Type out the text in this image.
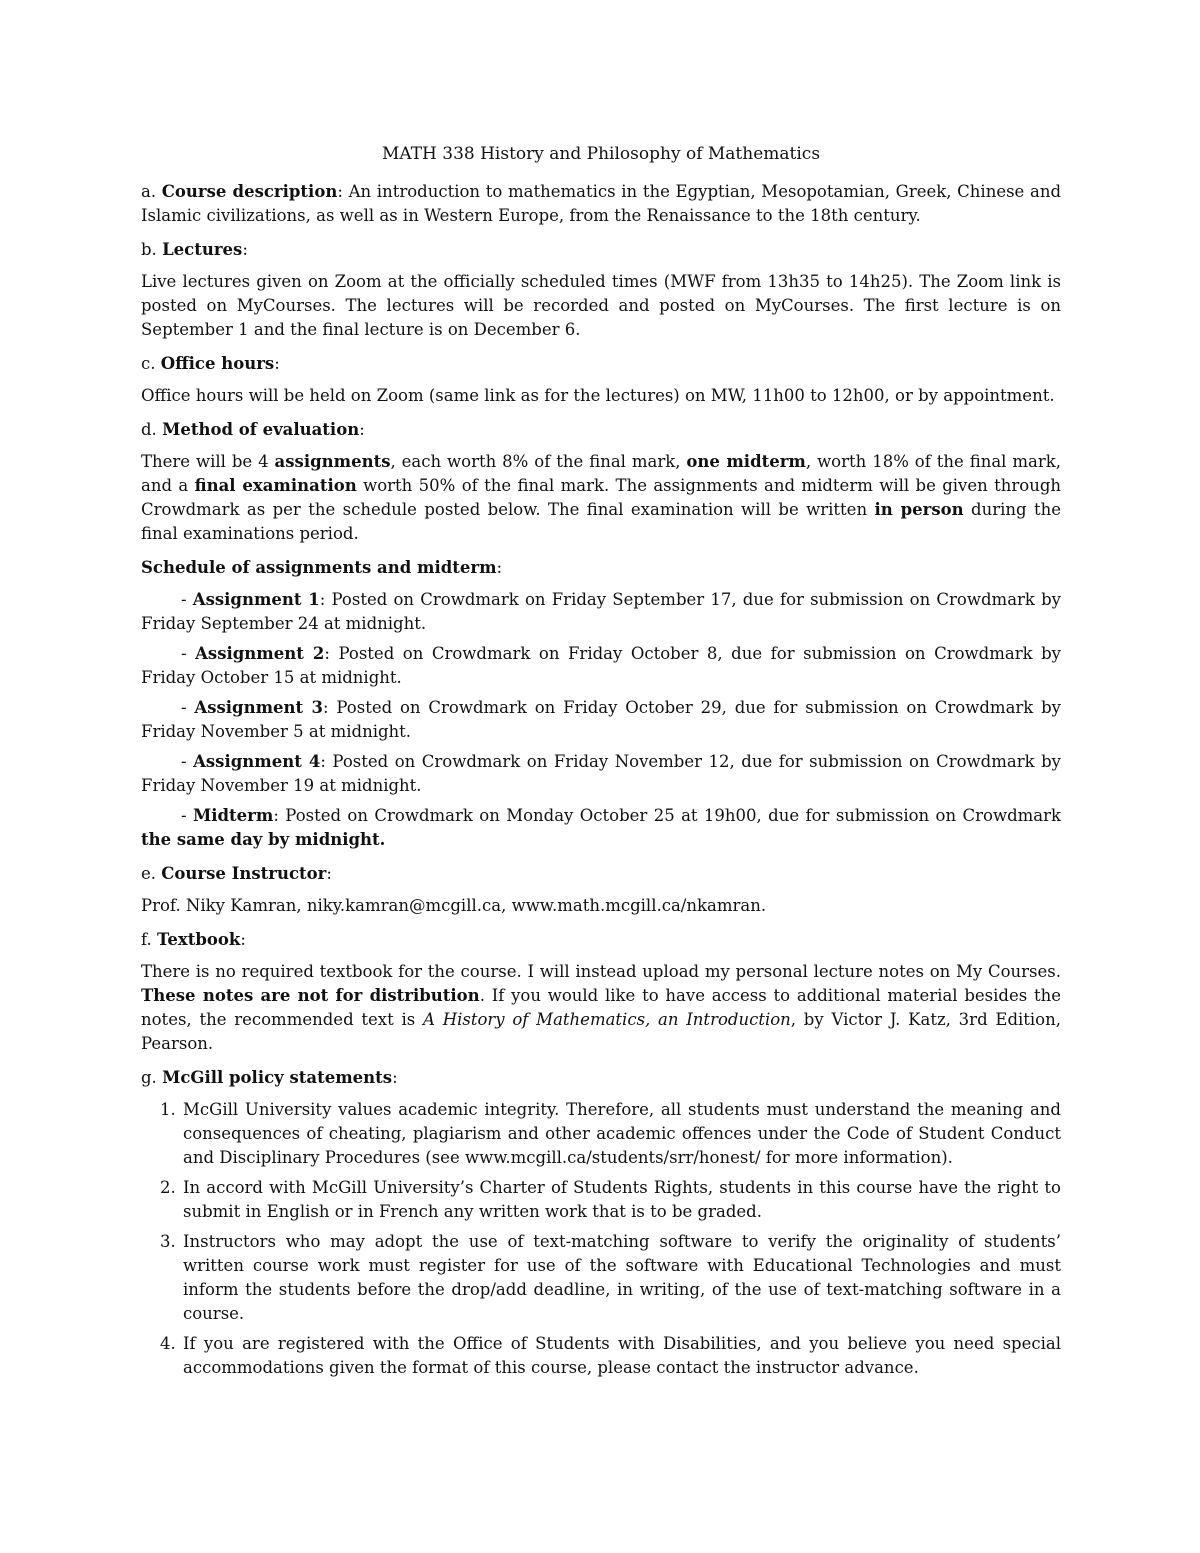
MATH 338 History and Philosophy of Mathematics

a. Course description: An introduction to mathematics in the Egyptian, Mesopotamian, Greek, Chinese and Islamic civilizations, as well as in Western Europe, from the Renaissance to the 18th century.

b. Lectures:

Live lectures given on Zoom at the officially scheduled times (MWF from 13h35 to 14h25). The Zoom link is posted on MyCourses. The lectures will be recorded and posted on MyCourses. The first lecture is on September 1 and the final lecture is on December 6.

c. Office hours:

Office hours will be held on Zoom (same link as for the lectures) on MW, 11h00 to 12h00, or by appointment.

d. Method of evaluation:

There will be 4 assignments, each worth 8% of the final mark, one midterm, worth 18% of the final mark, and a final examination worth 50% of the final mark. The assignments and midterm will be given through Crowdmark as per the schedule posted below. The final examination will be written in person during the final examinations period.

Schedule of assignments and midterm:

- Assignment 1: Posted on Crowdmark on Friday September 17, due for submission on Crowdmark by Friday September 24 at midnight.

- Assignment 2: Posted on Crowdmark on Friday October 8, due for submission on Crowdmark by Friday October 15 at midnight.

- Assignment 3: Posted on Crowdmark on Friday October 29, due for submission on Crowdmark by Friday November 5 at midnight.

- Assignment 4: Posted on Crowdmark on Friday November 12, due for submission on Crowdmark by Friday November 19 at midnight.

- Midterm: Posted on Crowdmark on Monday October 25 at 19h00, due for submission on Crowdmark the same day by midnight.

e. Course Instructor:

Prof. Niky Kamran, niky.kamran@mcgill.ca, www.math.mcgill.ca/nkamran.

f. Textbook:

There is no required textbook for the course. I will instead upload my personal lecture notes on My Courses. These notes are not for distribution. If you would like to have access to additional material besides the notes, the recommended text is A History of Mathematics, an Introduction, by Victor J. Katz, 3rd Edition, Pearson.

g. McGill policy statements:
1. McGill University values academic integrity. Therefore, all students must understand the meaning and consequences of cheating, plagiarism and other academic offences under the Code of Student Conduct and Disciplinary Procedures (see www.mcgill.ca/students/srr/honest/ for more information).
2. In accord with McGill University’s Charter of Students Rights, students in this course have the right to submit in English or in French any written work that is to be graded.
3. Instructors who may adopt the use of text-matching software to verify the originality of students’ written course work must register for use of the software with Educational Technologies and must inform the students before the drop/add deadline, in writing, of the use of text-matching software in a course.
4. If you are registered with the Office of Students with Disabilities, and you believe you need special accommodations given the format of this course, please contact the instructor advance.
